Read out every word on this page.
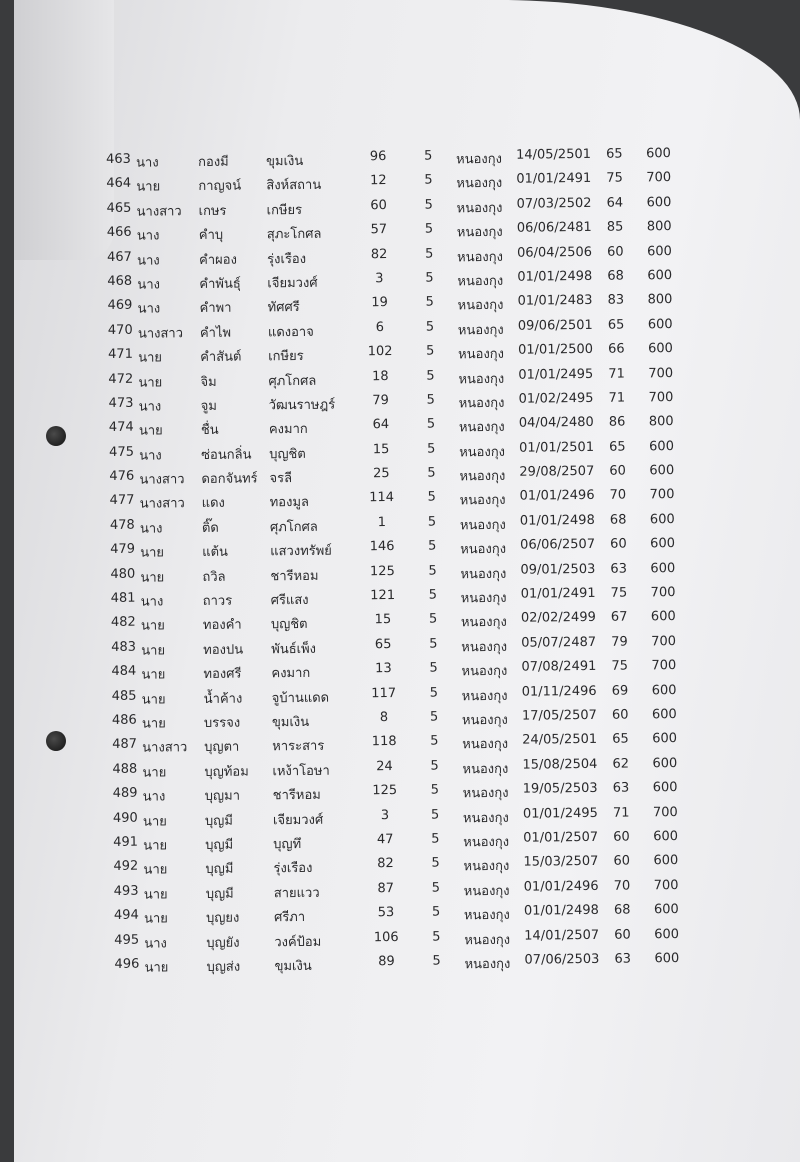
463 นาง	กองมี	ขุมเงิน	96	5 หนองกุง 14/05/2501 65 600
464 นาย	กาญจน์ สิงห์สถาน	12	5 หนองกุง 01/01/2491 75 700
465 นางสาว เกษร	เกษียร	60	5 หนองกุง 07/03/2502 64 600
466 นาง	คำบุ	สุภะโกศล	57	5 หนองกุง 06/06/2481 85 800
467 นาง	คำผอง รุ่งเรือง	82	5 หนองกุง 06/04/2506 60 600
468 นาง	คำพันธุ์ เจียมวงศ์	3	5 หนองกุง 01/01/2498 68 600
469 นาง	คำพา	ทัศศรี	19	5 หนองกุง 01/01/2483 83 800
470 นางสาว คำไพ	แดงอาจ	6	5 หนองกุง 09/06/2501 65 600
471 นาย	คำสันต์ เกษียร	102	5 หนองกุง 01/01/2500 66 600
472 นาย	จิม	ศุภโกศล	18	5 หนองกุง 01/01/2495 71 700
473 นาง	จูม	วัฒนราษฎร์	79	5 หนองกุง 01/02/2495 71 700
474 นาย	ชื่น	คงมาก	64	5 หนองกุง 04/04/2480 86 800
475 นาง	ซ่อนกลิ่น บุญชิต	15	5 หนองกุง 01/01/2501 65 600
476 นางสาว ดอกจันทร์ จรลี	25	5 หนองกุง 29/08/2507 60 600
477 นางสาว แดง	ทองมูล	114	5 หนองกุง 01/01/2496 70 700
478 นาง	ติ๊ด	ศุภโกศล	1	5 หนองกุง 01/01/2498 68 600
479 นาย	แต้น	แสวงทรัพย์	146	5 หนองกุง 06/06/2507 60 600
480 นาย	ถวิล	ชารีหอม	125	5 หนองกุง 09/01/2503 63 600
481 นาง	ถาวร	ศรีแสง	121	5 หนองกุง 01/01/2491 75 700
482 นาย	ทองคำ บุญชิต	15	5 หนองกุง 02/02/2499 67 600
483 นาย	ทองปน พันธ์เพ็ง	65	5 หนองกุง 05/07/2487 79 700
484 นาย	ทองศรี คงมาก	13	5 หนองกุง 07/08/2491 75 700
485 นาย	น้ำค้าง จูบ้านแดด	117	5 หนองกุง 01/11/2496 69 600
486 นาย	บรรจง ขุมเงิน	8	5 หนองกุง 17/05/2507 60 600
487 นางสาว บุญตา	หาระสาร	118	5 หนองกุง 24/05/2501 65 600
488 นาย	บุญท้อม เหง้าโอษา	24	5 หนองกุง 15/08/2504 62 600
489 นาง	บุญมา	ชารีหอม	125	5 หนองกุง 19/05/2503 63 600
490 นาย	บุญมี	เจียมวงศ์	3	5 หนองกุง 01/01/2495 71 700
491 นาย	บุญมี	บุญทึ	47	5 หนองกุง 01/01/2507 60 600
492 นาย	บุญมี	รุ่งเรือง	82	5 หนองกุง 15/03/2507 60 600
493 นาย	บุญมี	สายแวว	87	5 หนองกุง 01/01/2496 70 700
494 นาย	บุญยง	ศรีภา	53	5 หนองกุง 01/01/2498 68 600
495 นาง	บุญยัง	วงค์ป้อม	106	5 หนองกุง 14/01/2507 60 600
496 นาย	บุญส่ง	ขุมเงิน	89	5 หนองกุง 07/06/2503 63 600
